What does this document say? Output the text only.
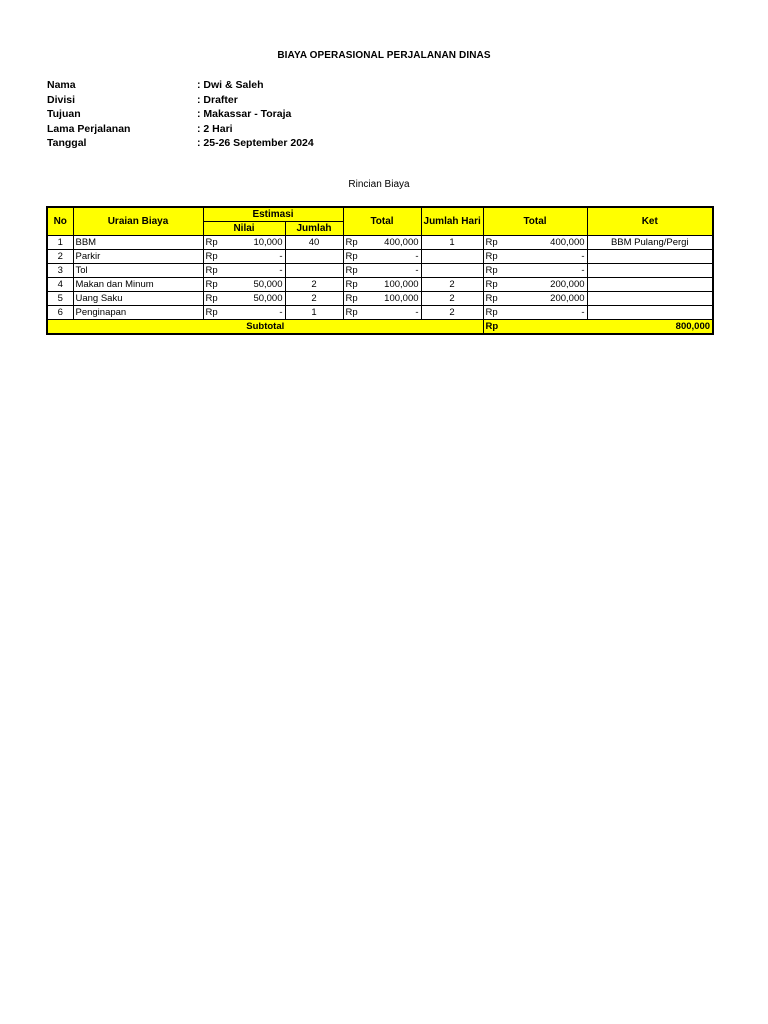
BIAYA OPERASIONAL PERJALANAN DINAS
Nama	: Dwi & Saleh
Divisi	: Drafter
Tujuan	: Makassar - Toraja
Lama Perjalanan	: 2 Hari
Tanggal	: 25-26 September 2024
Rincian Biaya
No	Uraian Biaya	Estimasi			Total		Jumlah Hari	Total		Ket
		Nilai		Jumlah						
1	BBM	Rp	10,000	40	Rp	400,000	1	Rp	400,000	BBM Pulang/Pergi
2	Parkir	Rp	-		Rp	-		Rp	-	
3	Tol	Rp	-		Rp	-		Rp	-	
4	Makan dan Minum	Rp	50,000	2	Rp	100,000	2	Rp	200,000	
5	Uang Saku	Rp	50,000	2	Rp	100,000	2	Rp	200,000	
6	Penginapan	Rp	-	1	Rp	-	2	Rp	-	
Subtotal								Rp	800,000	
